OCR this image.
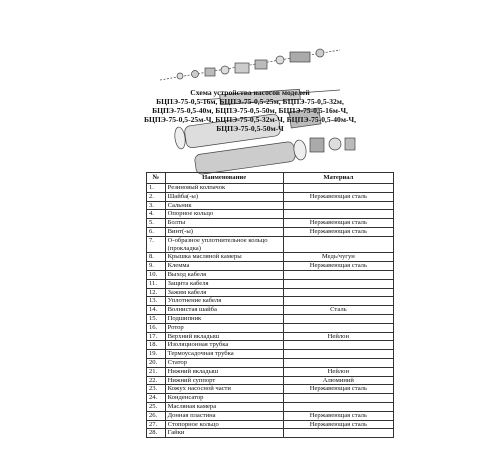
Схема устройства насосов моделей
БЦПЭ-75-0,5-16м, БЦПЭ-75-0,5-25м, БЦПЭ-75-0,5-32м,
БЦПЭ-75-0,5-40м, БЦПЭ-75-0,5-50м, БЦПЭ-75-0,5-16м-Ч,
БЦПЭ-75-0,5-25м-Ч, БЦПЭ-75-0,5-32м-Ч, БЦПЭ-75-0,5-40м-Ч,
БЦПЭ-75-0,5-50м-Ч
№	Наименование	Материал
1.	Резиновый колпачок	
2.	Шайба(-ы)	Нержавеющая сталь
3.	Сальник	
4.	Опорное кольцо	
5.	Болты	Нержавеющая сталь
6.	Винт(-ы)	Нержавеющая сталь
7.	О-образное уплотнительное кольцо (прокладка)	
8.	Крышка масляной камеры	Медь/чугун
9.	Клемма	Нержавеющая сталь
10.	Выход кабеля	
11.	Защита кабеля	
12.	Зажим кабеля	
13.	Уплотнение кабеля	
14.	Волнистая шайба	Сталь
15.	Подшипник	
16.	Ротор	
17.	Верхний вкладыш	Нейлон
18.	Изоляционная трубка	
19.	Термоусадочная трубка	
20.	Статор	
21.	Нижний вкладыш	Нейлон
22.	Нижний суппорт	Алюминий
23.	Кожух насосной части	Нержавеющая сталь
24.	Конденсатор	
25.	Масляная камера	
26.	Донная пластина	Нержавеющая сталь
27.	Стопорное кольцо	Нержавеющая сталь
28.	Гайки	
